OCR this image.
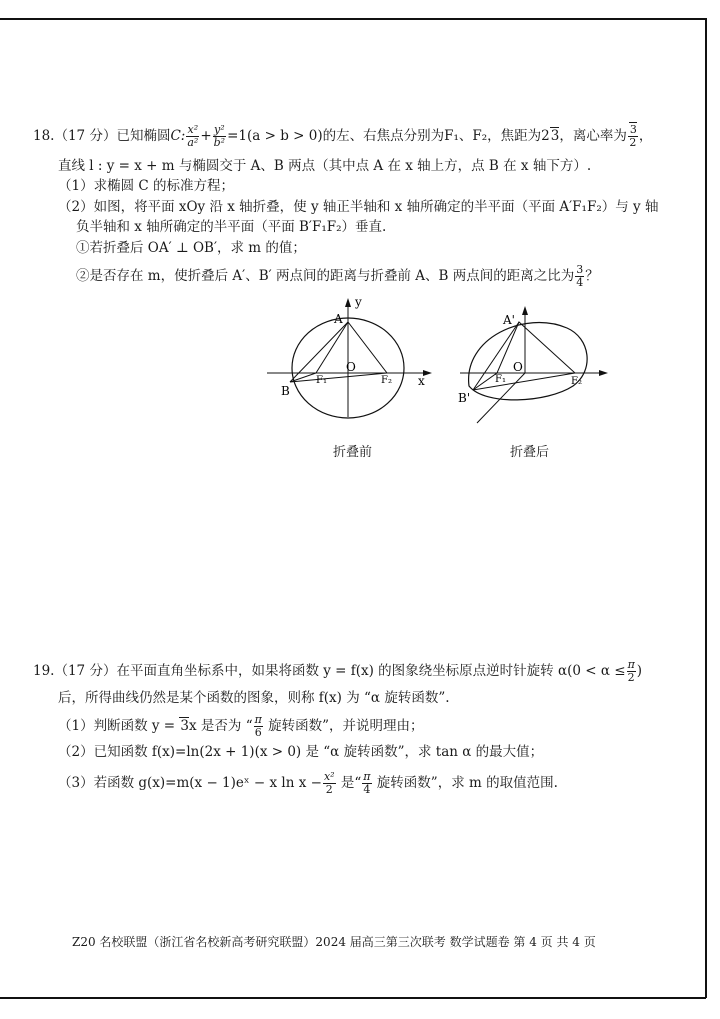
18.（17 分）已知椭圆C: $\frac{\text{x²}}{\text{a²}} + \frac{\text{y²}}{\text{b²}} =1(a > b > 0)$的左、右焦点分别为F₁、F₂，焦距为23，离心率为 $\frac{3}{2}$ ，
直线 l : y = x + m 与椭圆交于 A、B 两点（其中点 A 在 x 轴上方，点 B 在 x 轴下方）.
（1）求椭圆 C 的标准方程；
（2）如图，将平面 xOy 沿 x 轴折叠，使 y 轴正半轴和 x 轴所确定的半平面（平面 A′F₁F₂）与 y 轴
负半轴和 x 轴所确定的半平面（平面 B′F₁F₂）垂直.
①若折叠后 OA′ ⊥ OB′，求 m 的值；
②是否存在 m，使折叠后 A′、B′ 两点间的距离与折叠前 A、B 两点间的距离之比为 $\frac{3}{4}$ ？
y
x
A
B
O
F₁	F₂
折叠前
A'
B'
O
F₁	F₂
折叠后
19.（17 分）在平面直角坐标系中，如果将函数 y = f(x) 的图象绕坐标原点逆时针旋转 $\alpha(0 < \alpha \le \frac{\pi}{2}$ )
后，所得曲线仍然是某个函数的图象，则称 f(x) 为 “α 旋转函数”.
（1）判断函数 y = 3x 是否为 “ $\frac{\pi}{6}$ 旋转函数”，并说明理由；
（2）已知函数 f(x)=ln(2x + 1)(x > 0) 是 “α 旋转函数”，求 tan α 的最大值；
（3）若函数 g(x)=m(x − 1)eˣ − x $\ln x - \frac{\text{x²}}{2}$ 是“ $\frac{\pi}{4}$ 旋转函数”，求 m 的取值范围.
Z20 名校联盟（浙江省名校新高考研究联盟）2024 届高三第三次联考 数学试题卷 第 4 页 共 4 页
